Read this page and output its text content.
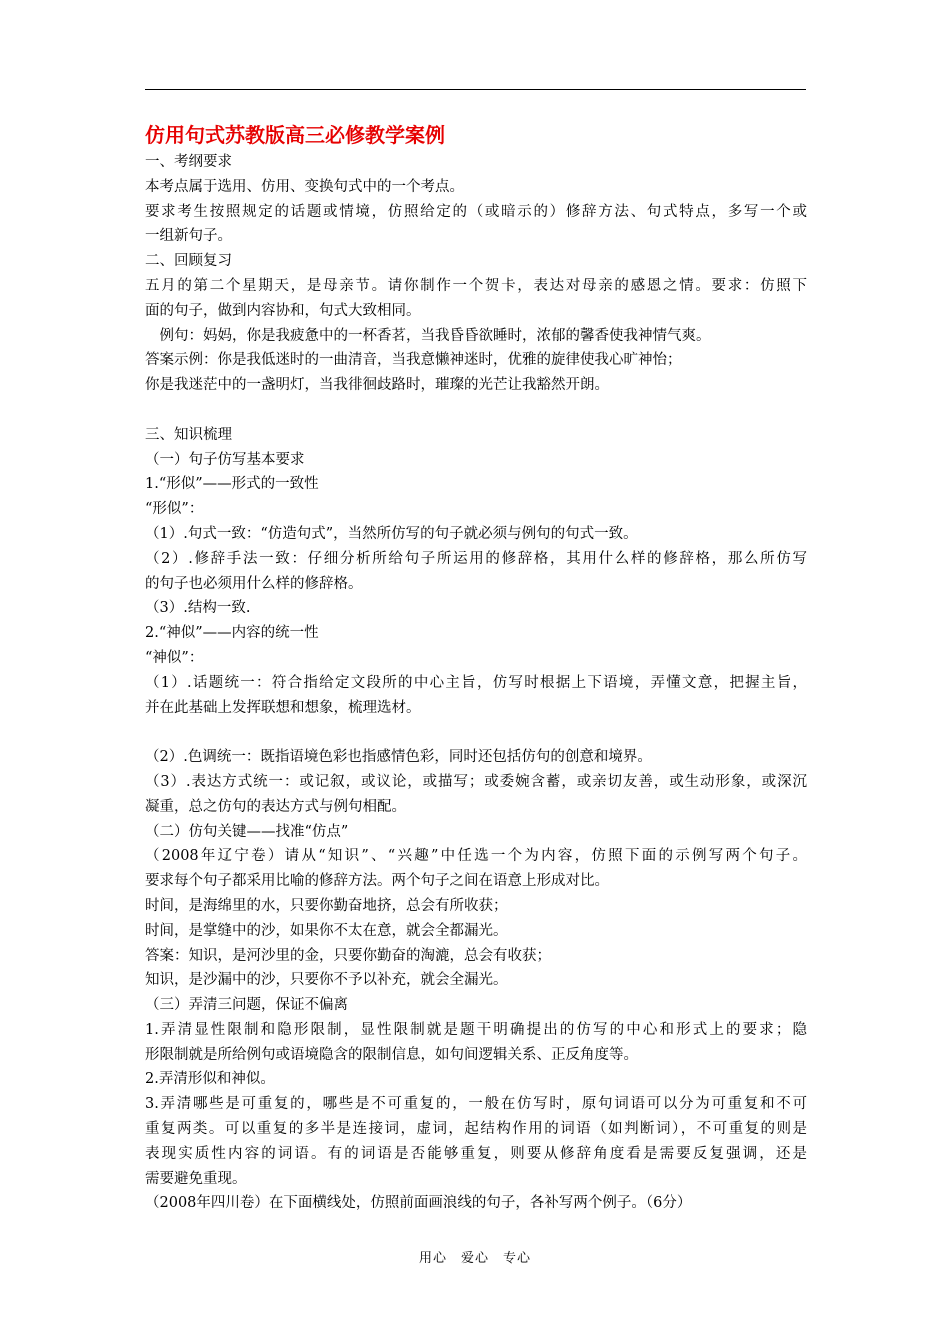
仿用句式苏教版高三必修教学案例
一、考纲要求
本考点属于选用、仿用、变换句式中的一个考点。
要求考生按照规定的话题或情境，仿照给定的（或暗示的）修辞方法、句式特点，多写一个或
一组新句子。
二、回顾复习
五月的第二个星期天，是母亲节。请你制作一个贺卡，表达对母亲的感恩之情。要求：仿照下
面的句子，做到内容协和，句式大致相同。
　例句：妈妈，你是我疲惫中的一杯香茗，当我昏昏欲睡时，浓郁的馨香使我神情气爽。
答案示例：你是我低迷时的一曲清音，当我意懒神迷时，优雅的旋律使我心旷神怡；
你是我迷茫中的一盏明灯，当我徘徊歧路时，璀璨的光芒让我豁然开朗。
三、知识梳理
（一）句子仿写基本要求
1.“形似”——形式的一致性
“形似”：
（1）.句式一致：“仿造句式”，当然所仿写的句子就必须与例句的句式一致。
（2）.修辞手法一致：仔细分析所给句子所运用的修辞格，其用什么样的修辞格，那么所仿写
的句子也必须用什么样的修辞格。
（3）.结构一致.
2.“神似”——内容的统一性
“神似”：
（1）.话题统一：符合指给定文段所的中心主旨，仿写时根据上下语境，弄懂文意，把握主旨，
并在此基础上发挥联想和想象，梳理选材。
（2）.色调统一：既指语境色彩也指感情色彩，同时还包括仿句的创意和境界。
（3）.表达方式统一：或记叙，或议论，或描写；或委婉含蓄，或亲切友善，或生动形象，或深沉
凝重，总之仿句的表达方式与例句相配。
（二）仿句关键——找准“仿点”
（2008年辽宁卷）请从“知识”、“兴趣”中任选一个为内容，仿照下面的示例写两个句子。
要求每个句子都采用比喻的修辞方法。两个句子之间在语意上形成对比。
时间，是海绵里的水，只要你勤奋地挤，总会有所收获；
时间，是掌缝中的沙，如果你不太在意，就会全都漏光。
答案：知识，是河沙里的金，只要你勤奋的淘漉，总会有收获；
知识，是沙漏中的沙，只要你不予以补充，就会全漏光。
（三）弄清三问题，保证不偏离
1.弄清显性限制和隐形限制，显性限制就是题干明确提出的仿写的中心和形式上的要求；隐
形限制就是所给例句或语境隐含的限制信息，如句间逻辑关系、正反角度等。
2.弄清形似和神似。
3.弄清哪些是可重复的，哪些是不可重复的，一般在仿写时，原句词语可以分为可重复和不可
重复两类。可以重复的多半是连接词，虚词，起结构作用的词语（如判断词），不可重复的则是
表现实质性内容的词语。有的词语是否能够重复，则要从修辞角度看是需要反复强调，还是
需要避免重现。
（2008年四川卷）在下面横线处，仿照前面画浪线的句子，各补写两个例子。（6分）
用心　爱心　专心
